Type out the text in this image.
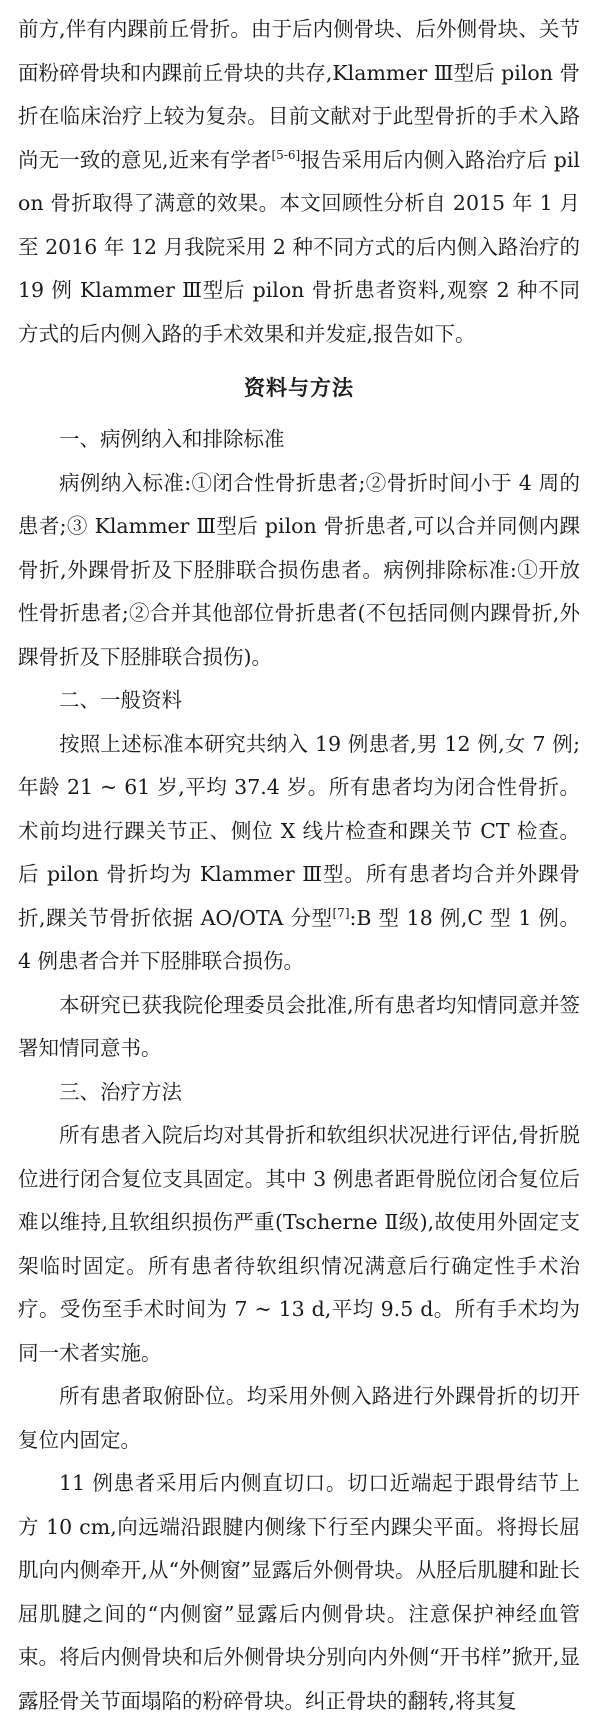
前方,伴有内踝前丘骨折。由于后内侧骨块、后外侧骨块、关节面粉碎骨块和内踝前丘骨块的共存,Klammer Ⅲ型后 pilon 骨折在临床治疗上较为复杂。目前文献对于此型骨折的手术入路尚无一致的意见,近来有学者[5-6]报告采用后内侧入路治疗后 pilon 骨折取得了满意的效果。本文回顾性分析自 2015 年 1 月至 2016 年 12 月我院采用 2 种不同方式的后内侧入路治疗的 19 例 Klammer Ⅲ型后 pilon 骨折患者资料,观察 2 种不同方式的后内侧入路的手术效果和并发症,报告如下。

资料与方法

一、病例纳入和排除标准

病例纳入标准:①闭合性骨折患者;②骨折时间小于 4 周的患者;③ Klammer Ⅲ型后 pilon 骨折患者,可以合并同侧内踝骨折,外踝骨折及下胫腓联合损伤患者。病例排除标准:①开放性骨折患者;②合并其他部位骨折患者(不包括同侧内踝骨折,外踝骨折及下胫腓联合损伤)。

二、一般资料

按照上述标准本研究共纳入 19 例患者,男 12 例,女 7 例;年龄 21 ~ 61 岁,平均 37.4 岁。所有患者均为闭合性骨折。术前均进行踝关节正、侧位 X 线片检查和踝关节 CT 检查。后 pilon 骨折均为 Klammer Ⅲ型。所有患者均合并外踝骨折,踝关节骨折依据 AO/OTA 分型[7]:B 型 18 例,C 型 1 例。4 例患者合并下胫腓联合损伤。

本研究已获我院伦理委员会批准,所有患者均知情同意并签署知情同意书。

三、治疗方法

所有患者入院后均对其骨折和软组织状况进行评估,骨折脱位进行闭合复位支具固定。其中 3 例患者距骨脱位闭合复位后难以维持,且软组织损伤严重(Tscherne Ⅱ级),故使用外固定支架临时固定。所有患者待软组织情况满意后行确定性手术治疗。受伤至手术时间为 7 ~ 13 d,平均 9.5 d。所有手术均为同一术者实施。

所有患者取俯卧位。均采用外侧入路进行外踝骨折的切开复位内固定。

11 例患者采用后内侧直切口。切口近端起于跟骨结节上方 10 cm,向远端沿跟腱内侧缘下行至内踝尖平面。将拇长屈肌向内侧牵开,从“外侧窗”显露后外侧骨块。从胫后肌腱和趾长屈肌腱之间的“内侧窗”显露后内侧骨块。注意保护神经血管束。将后内侧骨块和后外侧骨块分别向内外侧“开书样”掀开,显露胫骨关节面塌陷的粉碎骨块。纠正骨块的翻转,将其复
